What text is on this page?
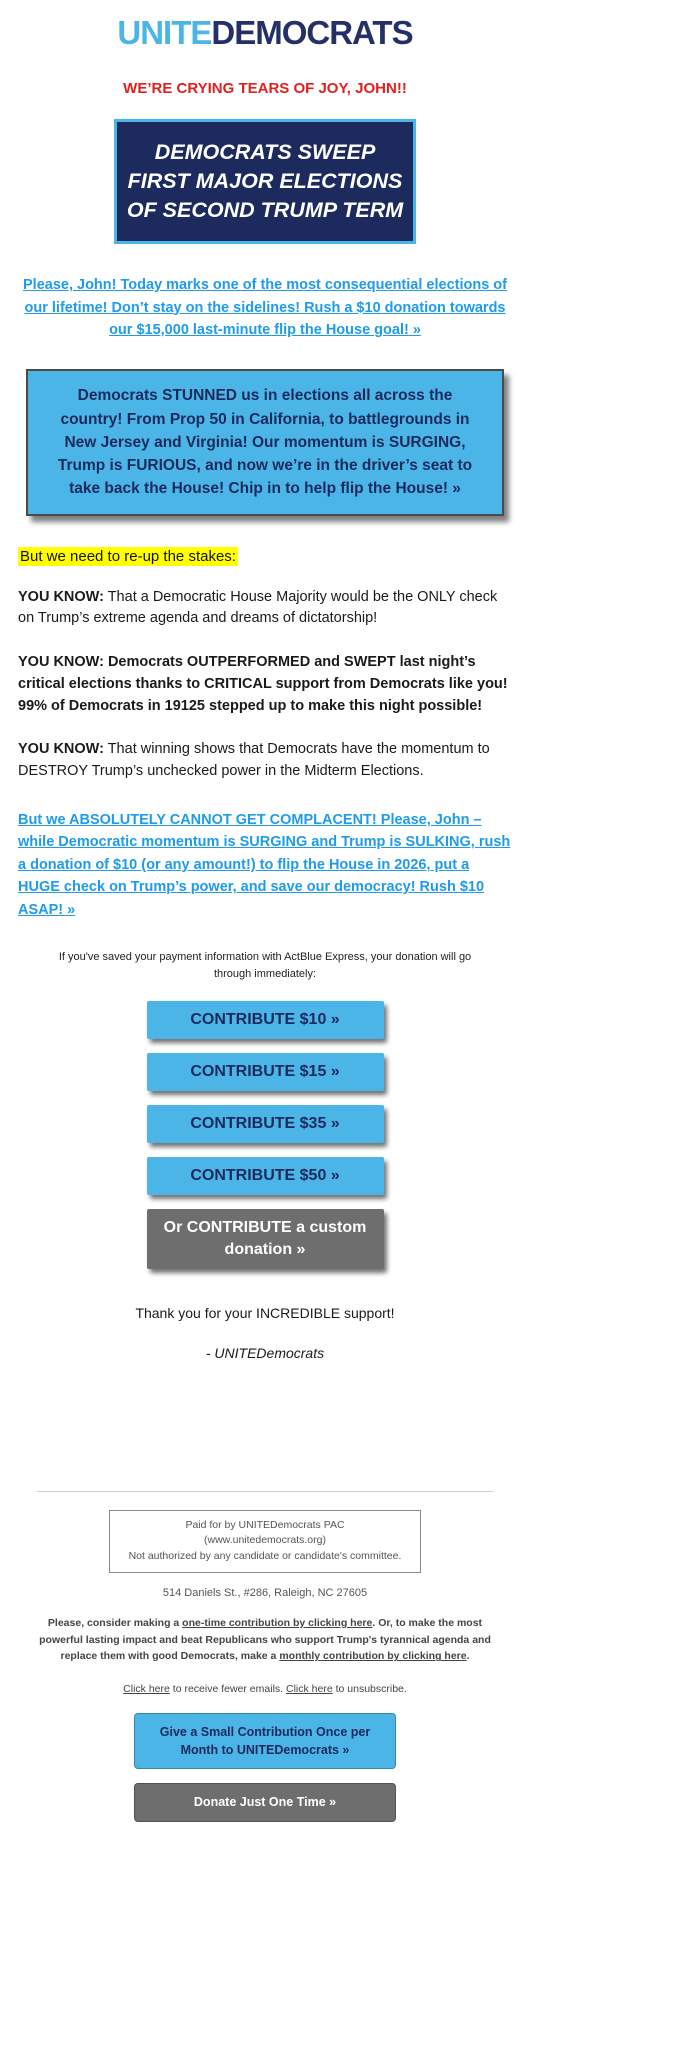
UNITEDEMOCRATS
WE’RE CRYING TEARS OF JOY, JOHN!!
DEMOCRATS SWEEP FIRST MAJOR ELECTIONS OF SECOND TRUMP TERM
Please, John! Today marks one of the most consequential elections of our lifetime! Don’t stay on the sidelines! Rush a $10 donation towards our $15,000 last-minute flip the House goal! »
Democrats STUNNED us in elections all across the country! From Prop 50 in California, to battlegrounds in New Jersey and Virginia! Our momentum is SURGING, Trump is FURIOUS, and now we’re in the driver’s seat to take back the House! Chip in to help flip the House! »

But we need to re-up the stakes:

YOU KNOW: That a Democratic House Majority would be the ONLY check on Trump’s extreme agenda and dreams of dictatorship!

YOU KNOW: Democrats OUTPERFORMED and SWEPT last night’s critical elections thanks to CRITICAL support from Democrats like you! 99% of Democrats in 19125 stepped up to make this night possible!

YOU KNOW: That winning shows that Democrats have the momentum to DESTROY Trump’s unchecked power in the Midterm Elections.

But we ABSOLUTELY CANNOT GET COMPLACENT! Please, John – while Democratic momentum is SURGING and Trump is SULKING, rush a donation of $10 (or any amount!) to flip the House in 2026, put a HUGE check on Trump’s power, and save our democracy! Rush $10 ASAP! »
If you've saved your payment information with ActBlue Express, your donation will go through immediately:
CONTRIBUTE $10 »
CONTRIBUTE $15 »
CONTRIBUTE $35 »
CONTRIBUTE $50 »
Or CONTRIBUTE a custom donation »
Thank you for your INCREDIBLE support!
- UNITEDemocrats
Paid for by UNITEDemocrats PAC
(www.unitedemocrats.org)
Not authorized by any candidate or candidate's committee.
514 Daniels St., #286, Raleigh, NC 27605
Please, consider making a one-time contribution by clicking here. Or, to make the most powerful lasting impact and beat Republicans who support Trump's tyrannical agenda and replace them with good Democrats, make a monthly contribution by clicking here.
Click here to receive fewer emails. Click here to unsubscribe.
Give a Small Contribution Once per Month to UNITEDemocrats »
Donate Just One Time »
